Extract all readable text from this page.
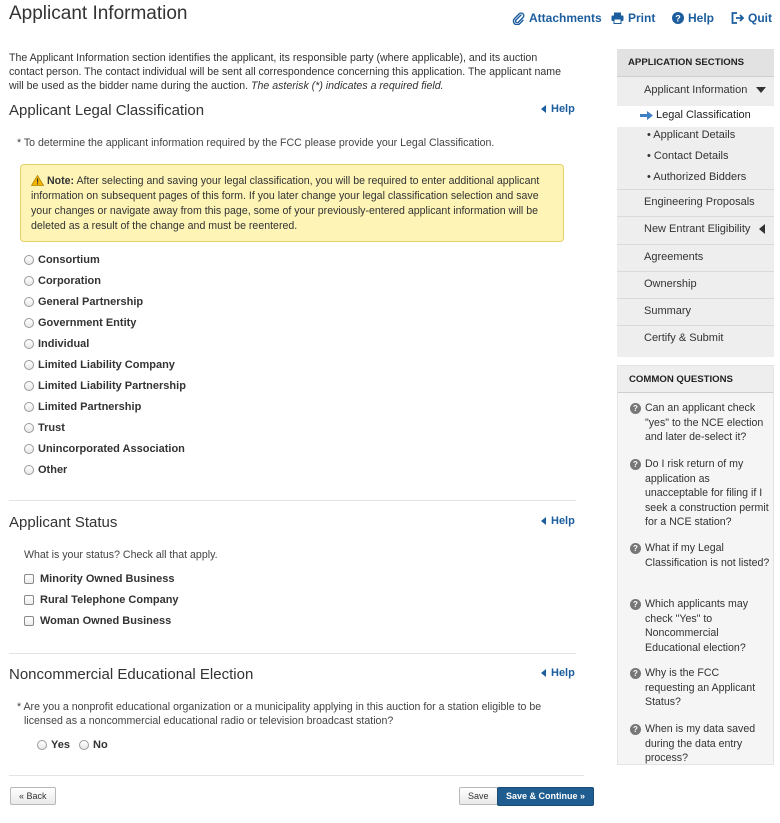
Applicant Information	Attachments Print ? Help	Quit
The Applicant Information section identifies the applicant, its responsible party (where applicable), and its auction contact person. The contact individual will be sent all correspondence concerning this application. The applicant name will be used as the bidder name during the auction. The asterisk (*) indicates a required field.
Applicant Legal Classification	Help
* To determine the applicant information required by the FCC please provide your Legal Classification.
Note: After selecting and saving your legal classification, you will be required to enter additional applicant information on subsequent pages of this form. If you later change your legal classification selection and save your changes or navigate away from this page, some of your previously-entered applicant information will be deleted as a result of the change and must be reentered.
Consortium
Corporation
General Partnership
Government Entity
Individual
Limited Liability Company
Limited Liability Partnership
Limited Partnership
Trust
Unincorporated Association
Other
Applicant Status	Help
What is your status? Check all that apply.
Minority Owned Business
Rural Telephone Company
Woman Owned Business
Noncommercial Educational Election	Help
* Are you a nonprofit educational organization or a municipality applying in this auction for a station eligible to be
licensed as a noncommercial educational radio or television broadcast station?
Yes No
« Back	Save	Save & Continue »
APPLICATION SECTIONS
Applicant Information
Legal Classification
• Applicant Details
• Contact Details
• Authorized Bidders
Engineering Proposals
New Entrant Eligibility
Agreements
Ownership
Summary
Certify & Submit
COMMON QUESTIONS
? Can an applicant check "yes" to the NCE election and later de-select it?
? Do I risk return of my application as unacceptable for filing if I seek a construction permit for a NCE station?
? What if my Legal Classification is not listed?
? Which applicants may check "Yes" to Noncommercial Educational election?
? Why is the FCC requesting an Applicant Status?
? When is my data saved during the data entry process?
